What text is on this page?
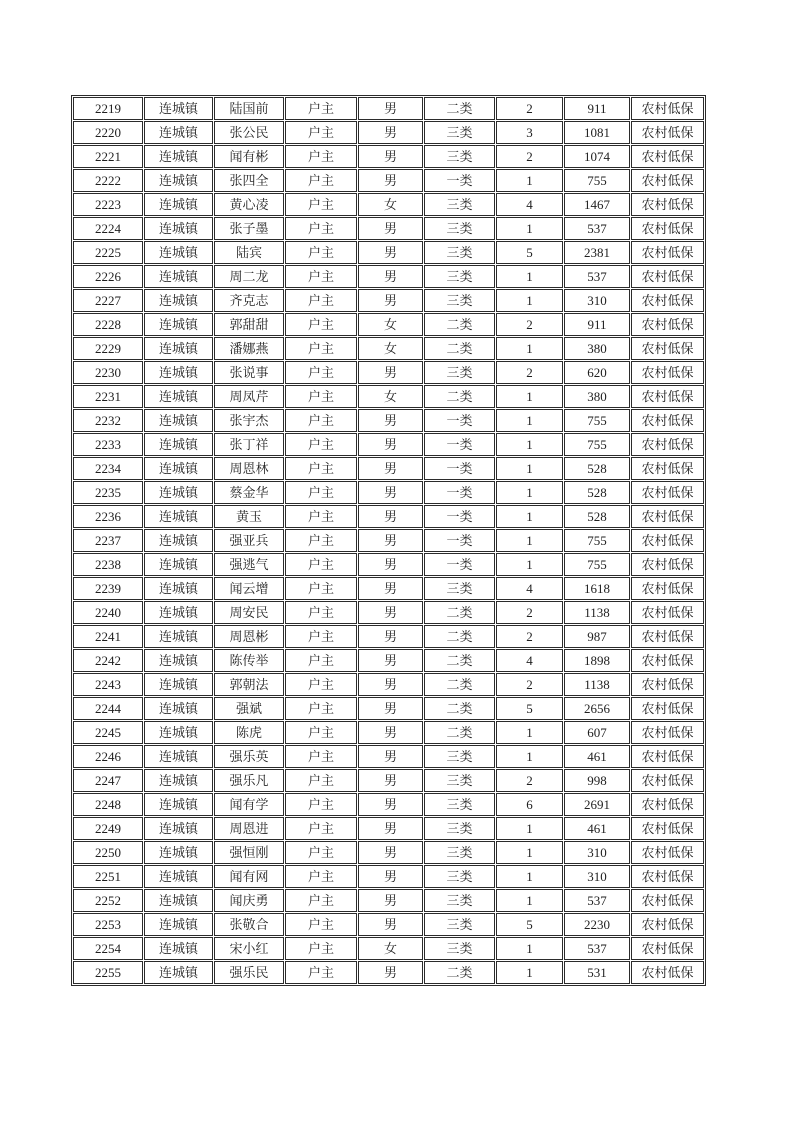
2219	连城镇	陆国前	户主	男	二类	2	911	农村低保
2220	连城镇	张公民	户主	男	三类	3	1081	农村低保
2221	连城镇	闻有彬	户主	男	三类	2	1074	农村低保
2222	连城镇	张四全	户主	男	一类	1	755	农村低保
2223	连城镇	黄心凌	户主	女	三类	4	1467	农村低保
2224	连城镇	张子墨	户主	男	三类	1	537	农村低保
2225	连城镇	陆宾	户主	男	三类	5	2381	农村低保
2226	连城镇	周二龙	户主	男	三类	1	537	农村低保
2227	连城镇	齐克志	户主	男	三类	1	310	农村低保
2228	连城镇	郭甜甜	户主	女	二类	2	911	农村低保
2229	连城镇	潘娜燕	户主	女	二类	1	380	农村低保
2230	连城镇	张说事	户主	男	三类	2	620	农村低保
2231	连城镇	周凤芹	户主	女	二类	1	380	农村低保
2232	连城镇	张宇杰	户主	男	一类	1	755	农村低保
2233	连城镇	张丁祥	户主	男	一类	1	755	农村低保
2234	连城镇	周恩林	户主	男	一类	1	528	农村低保
2235	连城镇	蔡金华	户主	男	一类	1	528	农村低保
2236	连城镇	黄玉	户主	男	一类	1	528	农村低保
2237	连城镇	强亚兵	户主	男	一类	1	755	农村低保
2238	连城镇	强逃气	户主	男	一类	1	755	农村低保
2239	连城镇	闻云增	户主	男	三类	4	1618	农村低保
2240	连城镇	周安民	户主	男	二类	2	1138	农村低保
2241	连城镇	周恩彬	户主	男	二类	2	987	农村低保
2242	连城镇	陈传举	户主	男	二类	4	1898	农村低保
2243	连城镇	郭朝法	户主	男	二类	2	1138	农村低保
2244	连城镇	强斌	户主	男	二类	5	2656	农村低保
2245	连城镇	陈虎	户主	男	二类	1	607	农村低保
2246	连城镇	强乐英	户主	男	三类	1	461	农村低保
2247	连城镇	强乐凡	户主	男	三类	2	998	农村低保
2248	连城镇	闻有学	户主	男	三类	6	2691	农村低保
2249	连城镇	周恩进	户主	男	三类	1	461	农村低保
2250	连城镇	强恒刚	户主	男	三类	1	310	农村低保
2251	连城镇	闻有网	户主	男	三类	1	310	农村低保
2252	连城镇	闻庆勇	户主	男	三类	1	537	农村低保
2253	连城镇	张敬合	户主	男	三类	5	2230	农村低保
2254	连城镇	宋小红	户主	女	三类	1	537	农村低保
2255	连城镇	强乐民	户主	男	二类	1	531	农村低保
